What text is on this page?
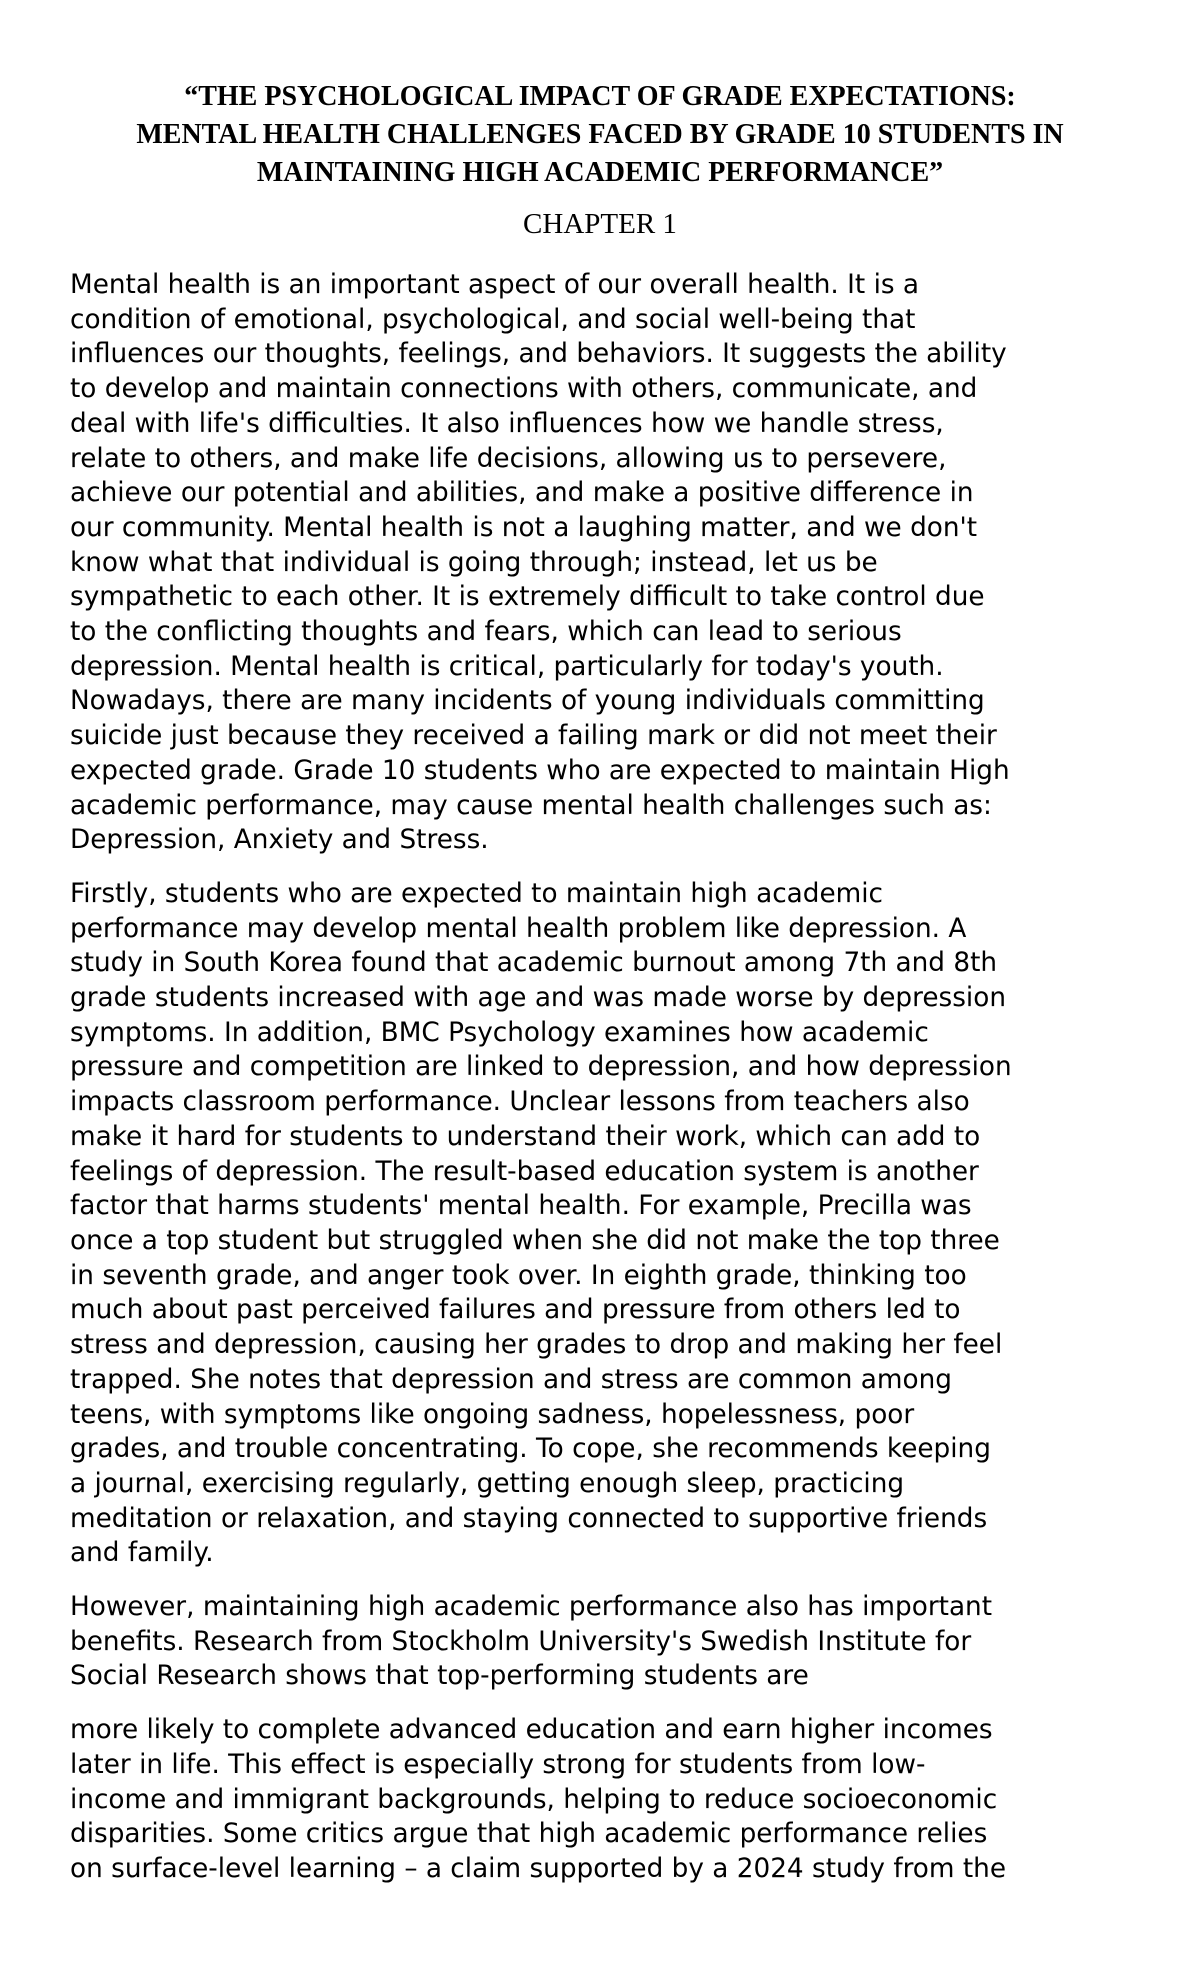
“THE PSYCHOLOGICAL IMPACT OF GRADE EXPECTATIONS:
MENTAL HEALTH CHALLENGES FACED BY GRADE 10 STUDENTS IN
MAINTAINING HIGH ACADEMIC PERFORMANCE”
CHAPTER 1

Mental health is an important aspect of our overall health. It is a
condition of emotional, psychological, and social well-being that
influences our thoughts, feelings, and behaviors. It suggests the ability
to develop and maintain connections with others, communicate, and
deal with life's difficulties. It also influences how we handle stress,
relate to others, and make life decisions, allowing us to persevere,
achieve our potential and abilities, and make a positive difference in
our community. Mental health is not a laughing matter, and we don't
know what that individual is going through; instead, let us be
sympathetic to each other. It is extremely difficult to take control due
to the conflicting thoughts and fears, which can lead to serious
depression. Mental health is critical, particularly for today's youth.
Nowadays, there are many incidents of young individuals committing
suicide just because they received a failing mark or did not meet their
expected grade. Grade 10 students who are expected to maintain High
academic performance, may cause mental health challenges such as:
Depression, Anxiety and Stress.

Firstly, students who are expected to maintain high academic
performance may develop mental health problem like depression. A
study in South Korea found that academic burnout among 7th and 8th
grade students increased with age and was made worse by depression
symptoms. In addition, BMC Psychology examines how academic
pressure and competition are linked to depression, and how depression
impacts classroom performance. Unclear lessons from teachers also
make it hard for students to understand their work, which can add to
feelings of depression. The result-based education system is another
factor that harms students' mental health. For example, Precilla was
once a top student but struggled when she did not make the top three
in seventh grade, and anger took over. In eighth grade, thinking too
much about past perceived failures and pressure from others led to
stress and depression, causing her grades to drop and making her feel
trapped. She notes that depression and stress are common among
teens, with symptoms like ongoing sadness, hopelessness, poor
grades, and trouble concentrating. To cope, she recommends keeping
a journal, exercising regularly, getting enough sleep, practicing
meditation or relaxation, and staying connected to supportive friends
and family.

However, maintaining high academic performance also has important
benefits. Research from Stockholm University's Swedish Institute for
Social Research shows that top-performing students are

more likely to complete advanced education and earn higher incomes
later in life. This effect is especially strong for students from low-
income and immigrant backgrounds, helping to reduce socioeconomic
disparities. Some critics argue that high academic performance relies
on surface-level learning – a claim supported by a 2024 study from the
